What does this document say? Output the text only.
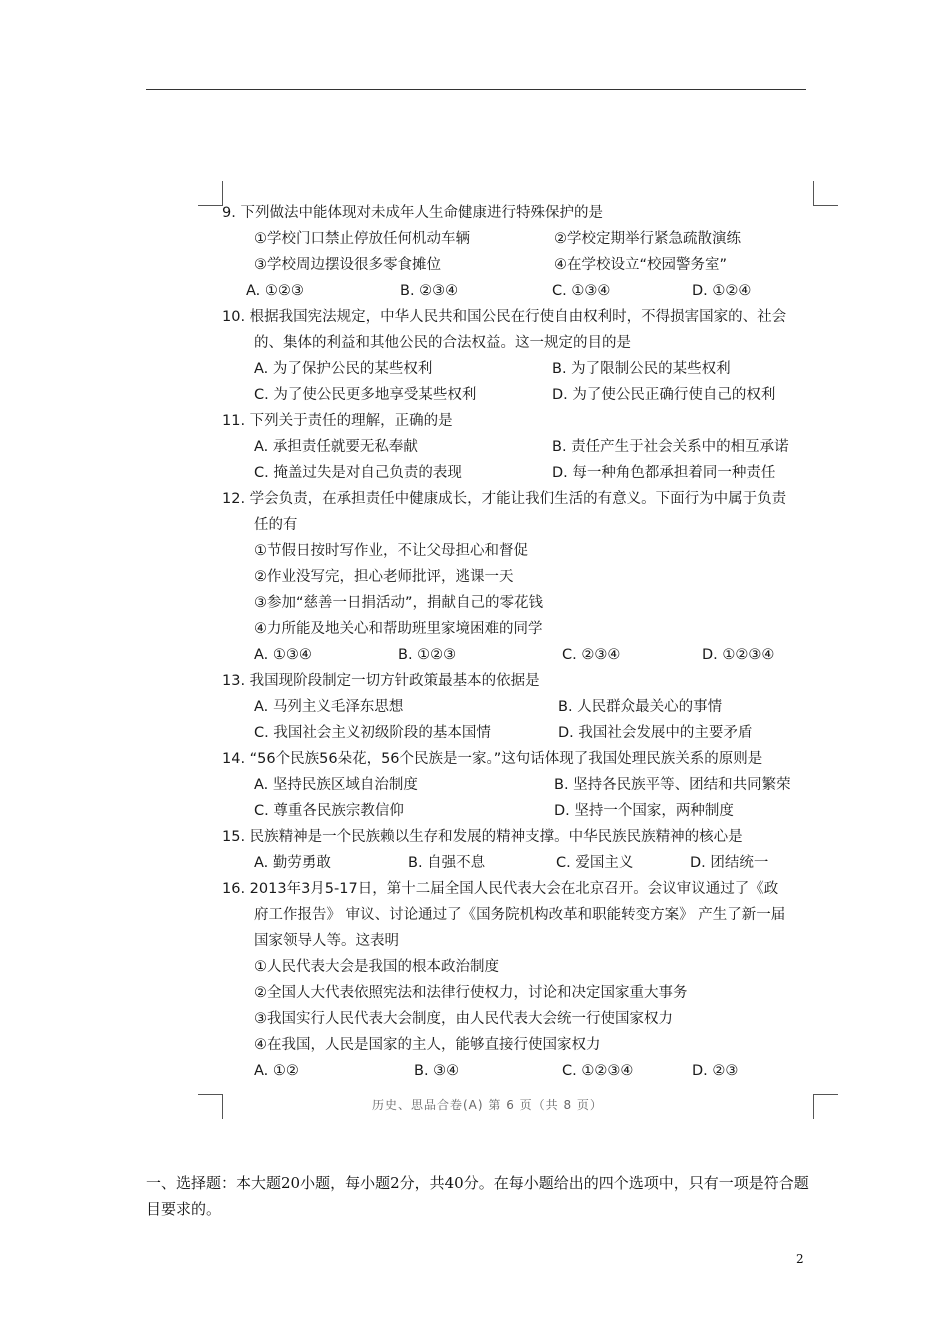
9. 下列做法中能体现对未成年人生命健康进行特殊保护的是
①学校门口禁止停放任何机动车辆	②学校定期举行紧急疏散演练
③学校周边摆设很多零食摊位	④在学校设立“校园警务室”
A. ①②③	B. ②③④	C. ①③④	D. ①②④
10. 根据我国宪法规定，中华人民共和国公民在行使自由权利时，不得损害国家的、社会
的、集体的利益和其他公民的合法权益。这一规定的目的是
A. 为了保护公民的某些权利	B. 为了限制公民的某些权利
C. 为了使公民更多地享受某些权利	D. 为了使公民正确行使自己的权利
11. 下列关于责任的理解，正确的是
A. 承担责任就要无私奉献	B. 责任产生于社会关系中的相互承诺
C. 掩盖过失是对自己负责的表现	D. 每一种角色都承担着同一种责任
12. 学会负责，在承担责任中健康成长，才能让我们生活的有意义。下面行为中属于负责
任的有
①节假日按时写作业，不让父母担心和督促
②作业没写完，担心老师批评，逃课一天
③参加“慈善一日捐活动”，捐献自己的零花钱
④力所能及地关心和帮助班里家境困难的同学
A. ①③④	B. ①②③	C. ②③④	D. ①②③④
13. 我国现阶段制定一切方针政策最基本的依据是
A. 马列主义毛泽东思想	B. 人民群众最关心的事情
C. 我国社会主义初级阶段的基本国情	D. 我国社会发展中的主要矛盾
14. “56个民族56朵花，56个民族是一家。”这句话体现了我国处理民族关系的原则是
A. 坚持民族区域自治制度	B. 坚持各民族平等、团结和共同繁荣
C. 尊重各民族宗教信仰	D. 坚持一个国家，两种制度
15. 民族精神是一个民族赖以生存和发展的精神支撑。中华民族民族精神的核心是
A. 勤劳勇敢	B. 自强不息	C. 爱国主义	D. 团结统一
16. 2013年3月5-17日，第十二届全国人民代表大会在北京召开。会议审议通过了《政
府工作报告》 审议、讨论通过了《国务院机构改革和职能转变方案》 产生了新一届
国家领导人等。这表明
①人民代表大会是我国的根本政治制度
②全国人大代表依照宪法和法律行使权力，讨论和决定国家重大事务
③我国实行人民代表大会制度，由人民代表大会统一行使国家权力
④在我国，人民是国家的主人，能够直接行使国家权力
A. ①②	B. ③④	C. ①②③④	D. ②③
历史、思品合卷(A) 第 6 页（共 8 页）
一、选择题：本大题20小题，每小题2分，共40分。在每小题给出的四个选项中，只有一项是符合题目要求的。
2
